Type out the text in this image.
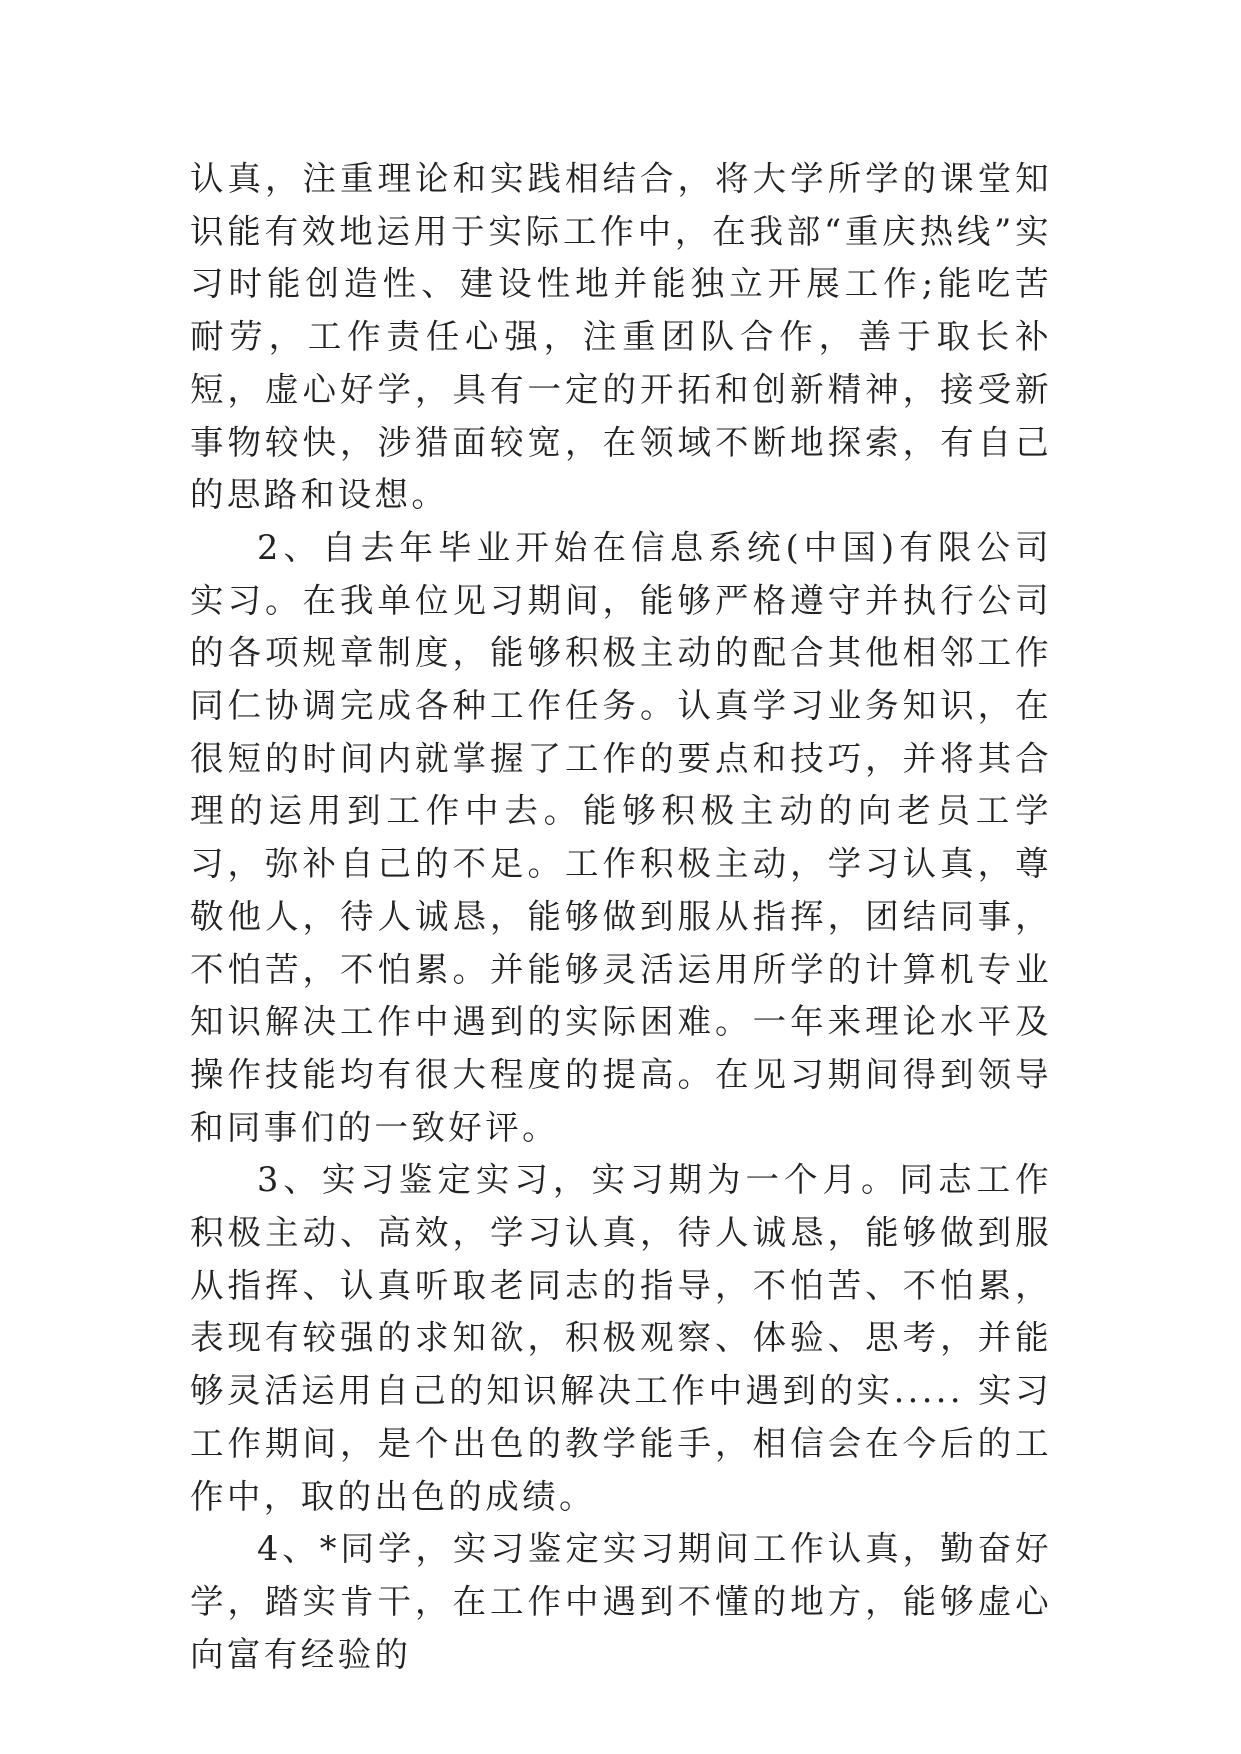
认真，注重理论和实践相结合，将大学所学的课堂知识能有效地运用于实际工作中，在我部“重庆热线”实习时能创造性、建设性地并能独立开展工作;能吃苦耐劳，工作责任心强，注重团队合作，善于取长补短，虚心好学，具有一定的开拓和创新精神，接受新事物较快，涉猎面较宽，在领域不断地探索，有自己的思路和设想。

2、自去年毕业开始在信息系统(中国)有限公司实习。在我单位见习期间，能够严格遵守并执行公司的各项规章制度，能够积极主动的配合其他相邻工作同仁协调完成各种工作任务。认真学习业务知识，在很短的时间内就掌握了工作的要点和技巧，并将其合理的运用到工作中去。能够积极主动的向老员工学习，弥补自己的不足。工作积极主动，学习认真，尊敬他人，待人诚恳，能够做到服从指挥，团结同事，不怕苦，不怕累。并能够灵活运用所学的计算机专业知识解决工作中遇到的实际困难。一年来理论水平及操作技能均有很大程度的提高。在见习期间得到领导和同事们的一致好评。

3、实习鉴定实习，实习期为一个月。同志工作积极主动、高效，学习认真，待人诚恳，能够做到服从指挥、认真听取老同志的指导，不怕苦、不怕累，表现有较强的求知欲，积极观察、体验、思考，并能够灵活运用自己的知识解决工作中遇到的实..... 实习工作期间，是个出色的教学能手，相信会在今后的工作中，取的出色的成绩。

4、*同学，实习鉴定实习期间工作认真，勤奋好学，踏实肯干，在工作中遇到不懂的地方，能够虚心向富有经验的
